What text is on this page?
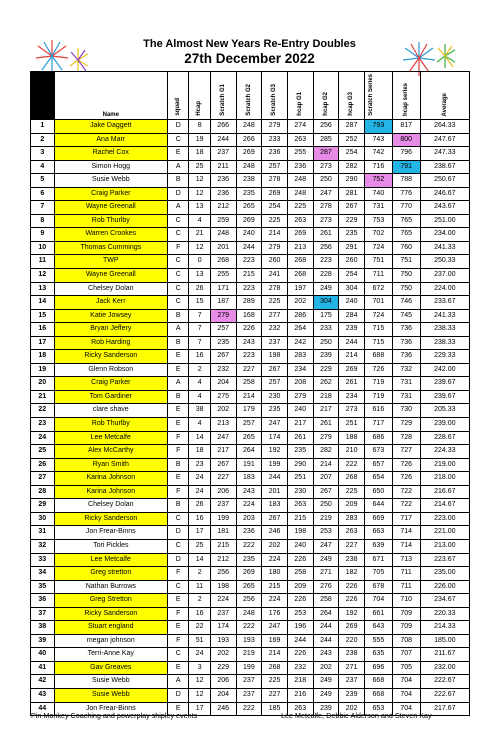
The Almost New Years Re-Entry Doubles
27th December 2022
	Name	squad	Hcap	Scratch G1	Scratch G2	Scratch G3	hcap G1	hcap G2	hcap G3	Scratch Series	hcap series	Average
1	Jake Daggett	D	8	266	248	279	274	256	287	793	817	264.33
2	Ana Marr	C	19	244	266	233	263	285	252	743	800	247.67
3	Rachel Cox	E	18	237	269	236	255	287	254	742	796	247.33
4	Simon Hogg	A	25	211	248	257	236	273	282	716	791	238.67
5	Susie Webb	B	12	236	238	278	248	250	290	752	788	250.67
6	Craig Parker	D	12	236	235	269	248	247	281	740	776	246.67
7	Wayne Greenall	A	13	212	265	254	225	278	267	731	770	243.67
8	Rob Thurlby	C	4	259	269	225	263	273	229	753	765	251.00
9	Warren Crookes	C	21	248	240	214	269	261	235	702	765	234.00
10	Thomas Cummings	F	12	201	244	279	213	256	291	724	760	241.33
11	TWP	C	0	268	223	260	268	223	260	751	751	250.33
12	Wayne Greenall	C	13	255	215	241	268	228	254	711	750	237.00
13	Chelsey Dolan	C	26	171	223	278	197	249	304	672	750	224.00
14	Jack Kerr	C	15	187	289	225	202	304	240	701	746	233.67
15	Katie Jowsey	B	7	279	168	277	286	175	284	724	745	241.33
16	Bryan Jeffery	A	7	257	226	232	264	233	239	715	736	238.33
17	Rob Harding	B	7	235	243	237	242	250	244	715	736	238.33
18	Ricky Sanderson	E	16	267	223	198	283	239	214	688	736	229.33
19	Glenn Robson	E	2	232	227	267	234	229	269	726	732	242.00
20	Craig Parker	A	4	204	258	257	208	262	261	719	731	239.67
21	Tom Gardiner	B	4	275	214	230	279	218	234	719	731	239.67
22	clare shave	E	38	202	179	235	240	217	273	616	730	205.33
23	Rob Thurlby	E	4	213	257	247	217	261	251	717	729	239.00
24	Lee Metcalfe	F	14	247	265	174	261	279	188	686	728	228.67
25	Alex McCarthy	F	18	217	264	192	235	282	210	673	727	224.33
26	Ryan Smith	B	23	267	191	199	290	214	222	657	726	219.00
27	Karina Johnson	E	24	227	183	244	251	207	268	654	726	218.00
28	Karina Johnson	F	24	206	243	201	230	267	225	650	722	216.67
29	Chelsey Dolan	B	26	237	224	183	263	250	209	644	722	214.67
30	Ricky Sanderson	C	16	199	203	267	215	219	283	669	717	223.00
31	Jon Frear-Binns	D	17	181	236	246	198	253	263	663	714	221.00
32	Tori Pickles	C	25	215	222	202	240	247	227	639	714	213.00
33	Lee Metcalfe	D	14	212	235	224	226	249	238	671	713	223.67
34	Greg stretton	F	2	256	269	180	258	271	182	705	711	235.00
35	Nathan Burrows	C	11	198	265	215	209	276	226	678	711	226.00
36	Greg Stretton	E	2	224	256	224	226	258	226	704	710	234.67
37	Ricky Sanderson	F	16	237	248	176	253	264	192	661	709	220.33
38	Stuart england	E	22	174	222	247	196	244	269	643	709	214.33
39	megan johnson	F	51	193	193	169	244	244	220	555	708	185.00
40	Terri-Anne Kay	C	24	202	219	214	226	243	238	635	707	211.67
41	Gav Greaves	E	3	229	199	268	232	202	271	696	705	232.00
42	Susie Webb	A	12	206	237	225	218	249	237	668	704	222.67
43	Susie Webb	D	12	204	237	227	216	249	239	668	704	222.67
44	Jon Frear-Binns	E	17	246	222	185	263	239	202	653	704	217.67
Pin Monkey Coaching and powerplay shipley events	Lee Metcalfe, Debbie Alderson and Steven Kay
